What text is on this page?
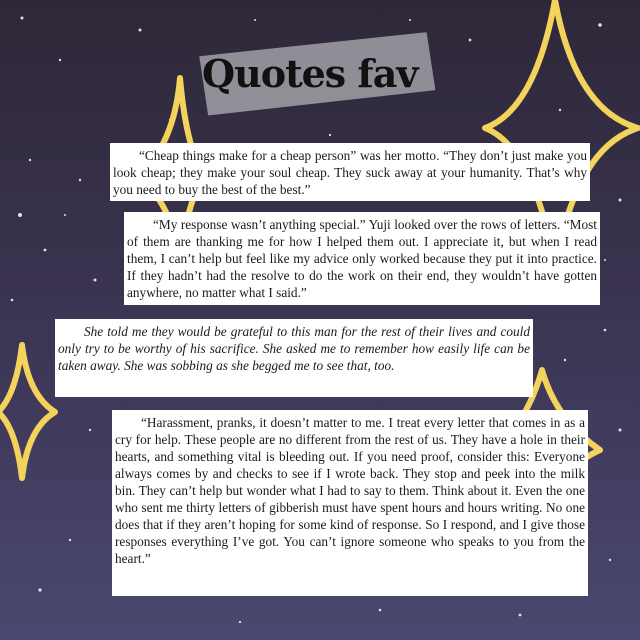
Quotes fav
“Cheap things make for a cheap person” was her motto. “They don’t just make you look cheap; they make your soul cheap. They suck away at your humanity. That’s why you need to buy the best of the best.”
“My response wasn’t anything special.” Yuji looked over the rows of letters. “Most of them are thanking me for how I helped them out. I appreciate it, but when I read them, I can’t help but feel like my advice only worked because they put it into practice. If they hadn’t had the resolve to do the work on their end, they wouldn’t have gotten anywhere, no matter what I said.”
She told me they would be grateful to this man for the rest of their lives and could only try to be worthy of his sacrifice. She asked me to remember how easily life can be taken away. She was sobbing as she begged me to see that, too.
“Harassment, pranks, it doesn’t matter to me. I treat every letter that comes in as a cry for help. These people are no different from the rest of us. They have a hole in their hearts, and something vital is bleeding out. If you need proof, consider this: Everyone always comes by and checks to see if I wrote back. They stop and peek into the milk bin. They can’t help but wonder what I had to say to them. Think about it. Even the one who sent me thirty letters of gibberish must have spent hours and hours writing. No one does that if they aren’t hoping for some kind of response. So I respond, and I give those responses everything I’ve got. You can’t ignore someone who speaks to you from the heart.”
